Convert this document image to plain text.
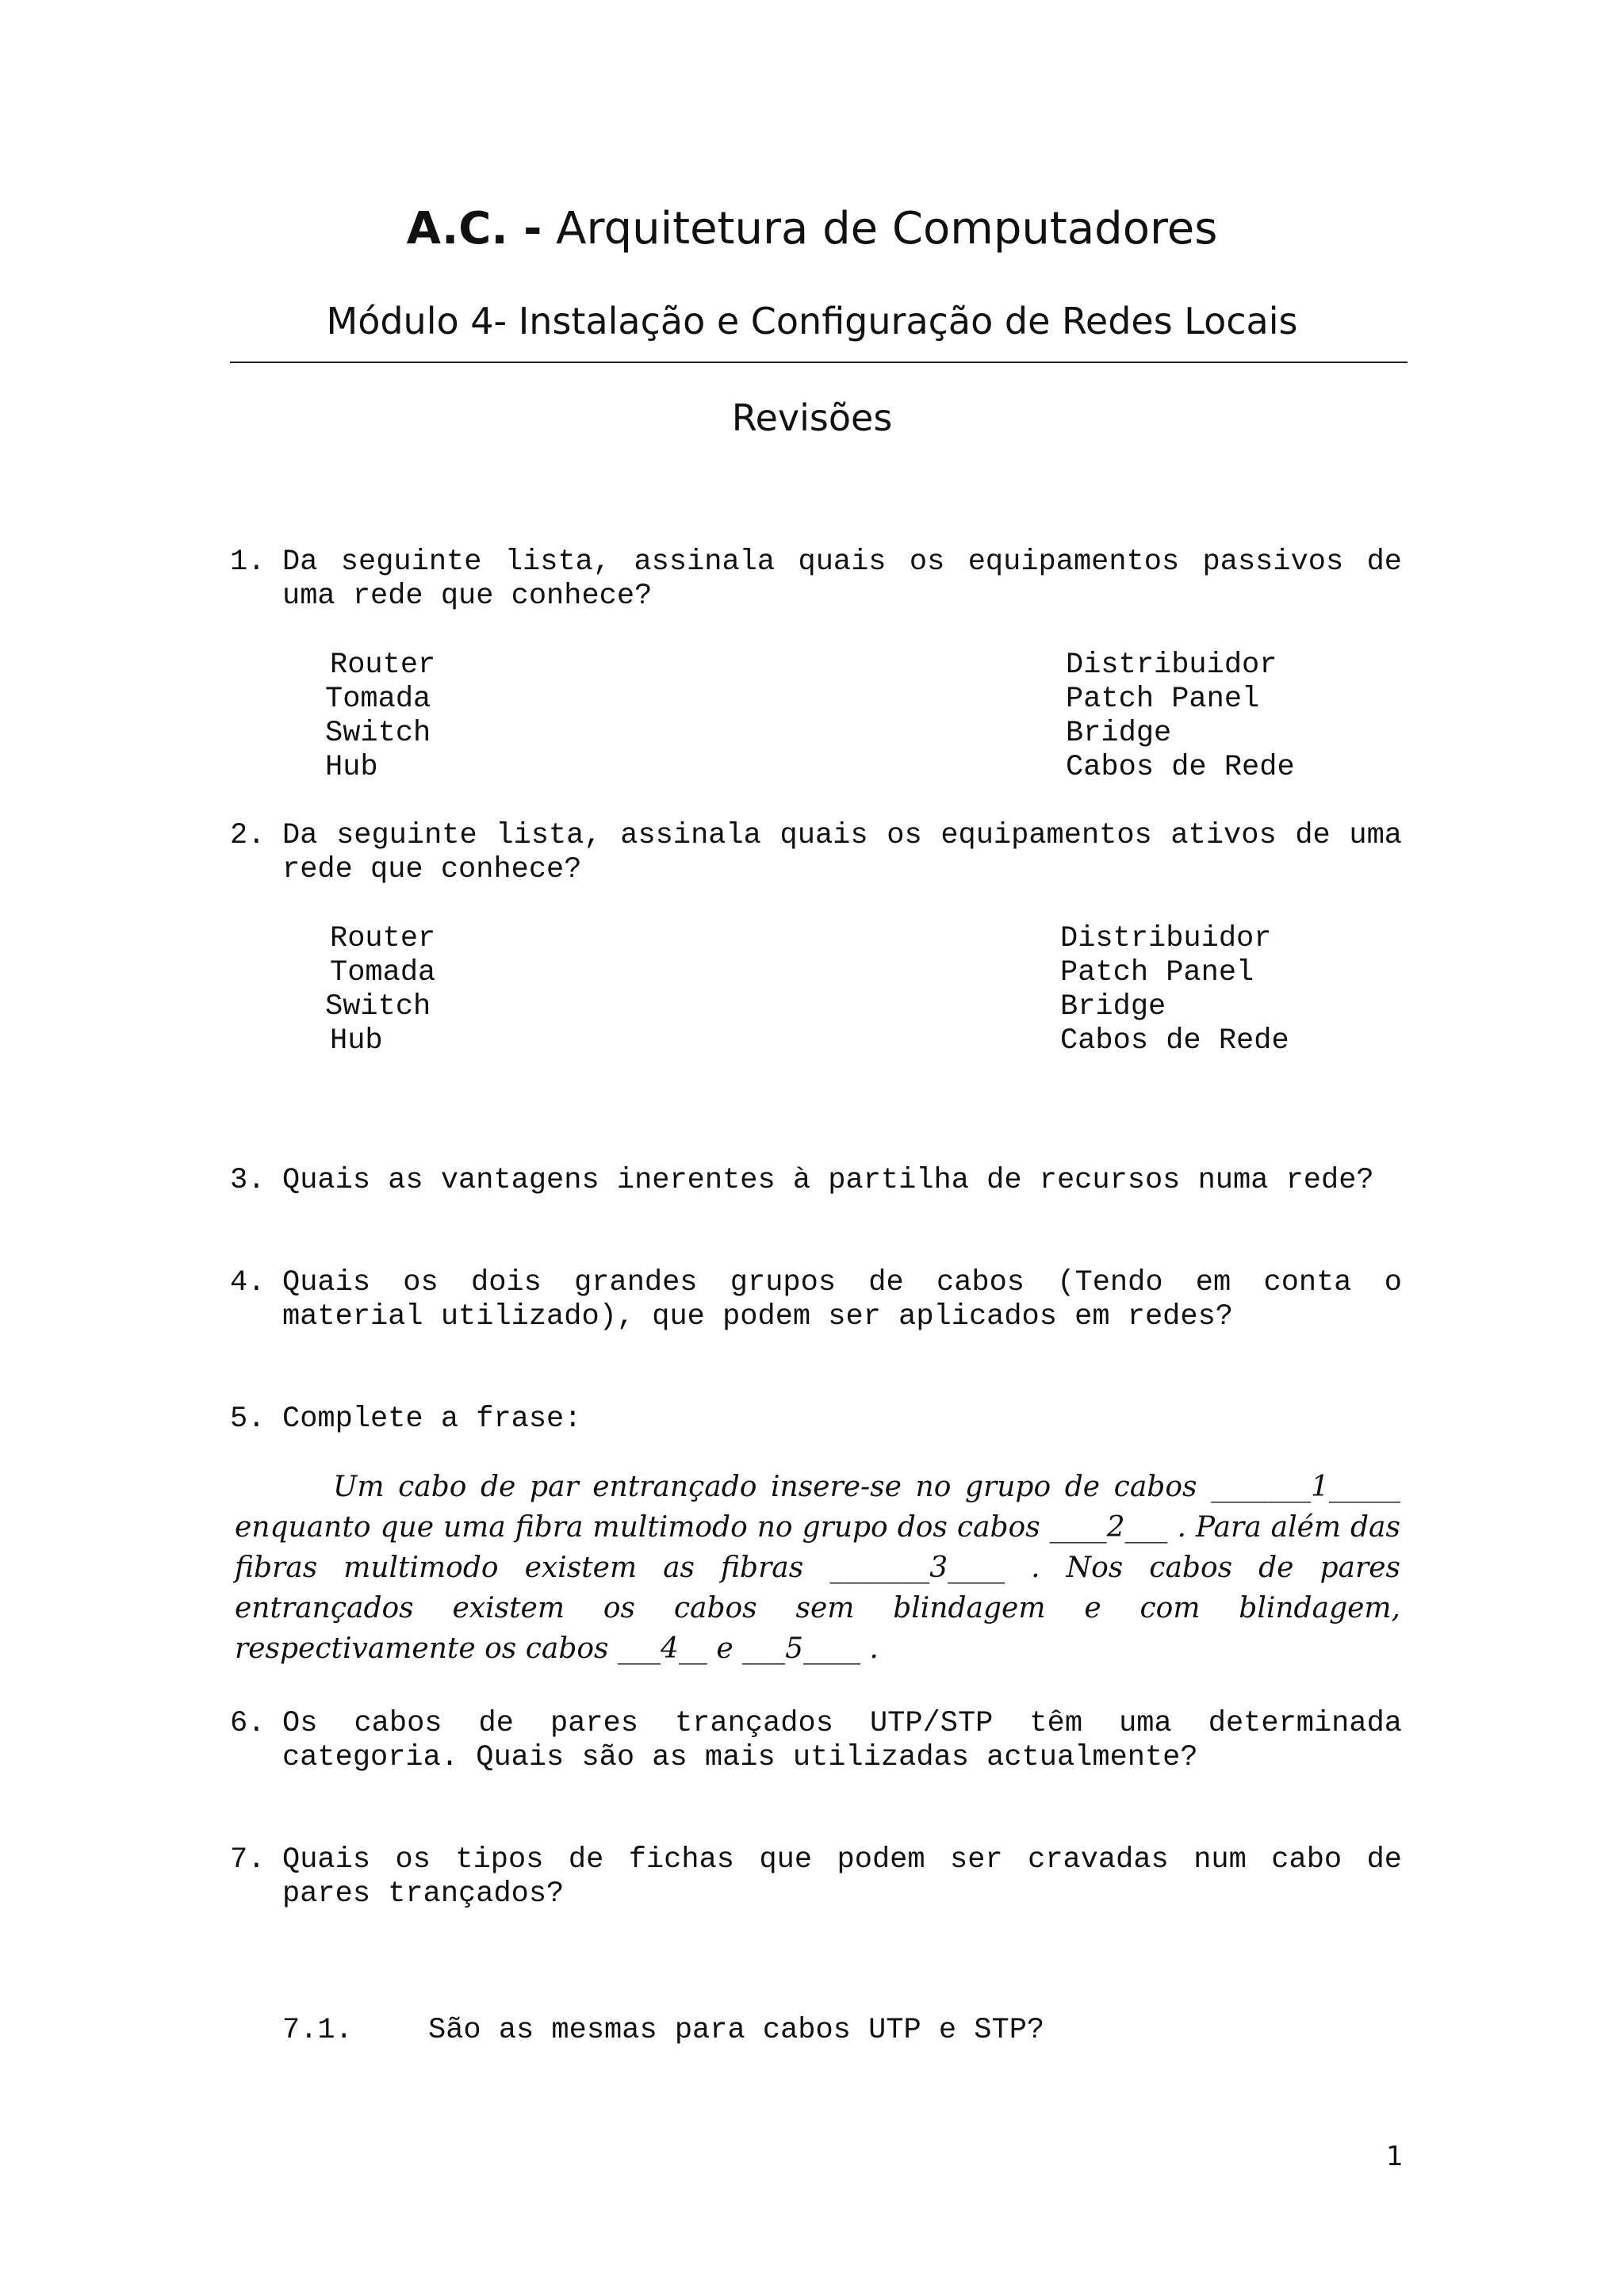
A.C. - Arquitetura de Computadores
Módulo 4- Instalação e Configuração de Redes Locais
Revisões
1. Da seguinte lista, assinala quais os equipamentos passivos de uma rede que conhece?
Router
Tomada
Switch
Hub
Distribuidor
Patch Panel
Bridge
Cabos de Rede
2. Da seguinte lista, assinala quais os equipamentos ativos de uma rede que conhece?
Router
Tomada
Switch
Hub
Distribuidor
Patch Panel
Bridge
Cabos de Rede
3. Quais as vantagens inerentes à partilha de recursos numa rede?
4. Quais os dois grandes grupos de cabos (Tendo em conta o material utilizado), que podem ser aplicados em redes?
5. Complete a frase:
Um cabo de par entrançado insere-se no grupo de cabos _______1_____ enquanto que uma fibra multimodo no grupo dos cabos ____2___ . Para além das fibras multimodo existem as fibras _______3____ . Nos cabos de pares entrançados existem os cabos sem blindagem e com blindagem, respectivamente os cabos ___4__ e ___5____ .
6. Os cabos de pares trançados UTP/STP têm uma determinada categoria. Quais são as mais utilizadas actualmente?
7. Quais os tipos de fichas que podem ser cravadas num cabo de pares trançados?
7.1.	São as mesmas para cabos UTP e STP?
1
